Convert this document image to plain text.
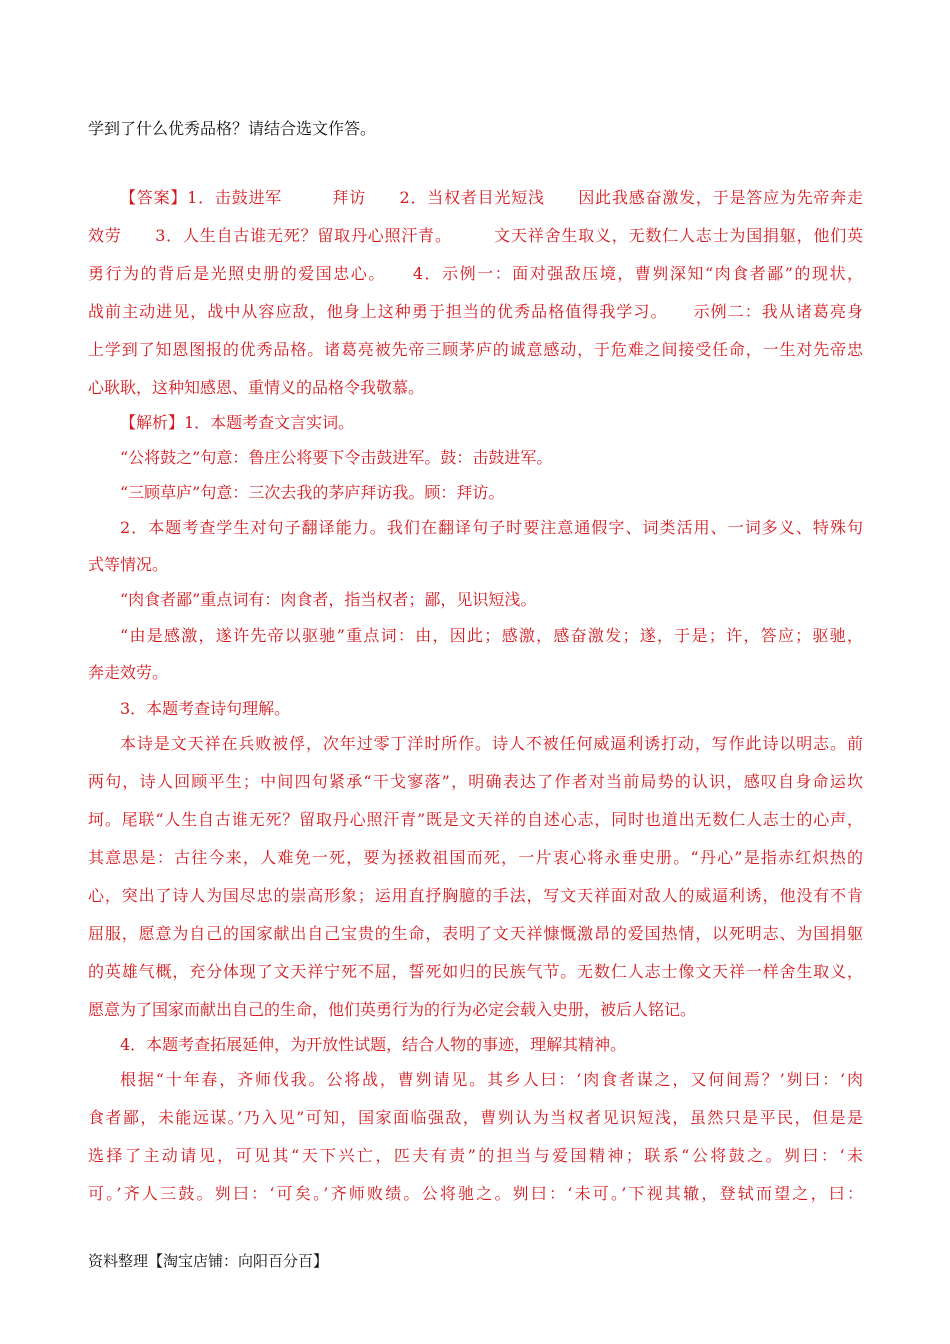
学到了什么优秀品格？请结合选文作答。
【答案】1．击鼓进军　　　拜访　　2．当权者目光短浅　　因此我感奋激发，于是答应为先帝奔走
效劳　　3．人生自古谁无死？留取丹心照汗青。　　　文天祥舍生取义，无数仁人志士为国捐躯，他们英
勇行为的背后是光照史册的爱国忠心。　　4．示例一：面对强敌压境，曹刿深知“肉食者鄙”的现状，
战前主动进见，战中从容应敌，他身上这种勇于担当的优秀品格值得我学习。　　示例二：我从诸葛亮身
上学到了知恩图报的优秀品格。诸葛亮被先帝三顾茅庐的诚意感动，于危难之间接受任命，一生对先帝忠
心耿耿，这种知感恩、重情义的品格令我敬慕。
【解析】1．本题考查文言实词。
“公将鼓之”句意：鲁庄公将要下令击鼓进军。鼓：击鼓进军。
“三顾草庐”句意：三次去我的茅庐拜访我。顾：拜访。
2．本题考查学生对句子翻译能力。我们在翻译句子时要注意通假字、词类活用、一词多义、特殊句
式等情况。
“肉食者鄙”重点词有：肉食者，指当权者；鄙，见识短浅。
“由是感激，遂许先帝以驱驰”重点词：由，因此；感激，感奋激发；遂，于是；许，答应；驱驰，
奔走效劳。
3．本题考查诗句理解。
本诗是文天祥在兵败被俘，次年过零丁洋时所作。诗人不被任何威逼利诱打动，写作此诗以明志。前
两句，诗人回顾平生；中间四句紧承“干戈寥落”，明确表达了作者对当前局势的认识，感叹自身命运坎
坷。尾联“人生自古谁无死？留取丹心照汗青”既是文天祥的自述心志，同时也道出无数仁人志士的心声，
其意思是：古往今来，人难免一死，要为拯救祖国而死，一片衷心将永垂史册。“丹心”是指赤红炽热的
心，突出了诗人为国尽忠的崇高形象；运用直抒胸臆的手法，写文天祥面对敌人的威逼利诱，他没有不肯
屈服，愿意为自己的国家献出自己宝贵的生命，表明了文天祥慷慨激昂的爱国热情，以死明志、为国捐躯
的英雄气概，充分体现了文天祥宁死不屈，誓死如归的民族气节。无数仁人志士像文天祥一样舍生取义，
愿意为了国家而献出自己的生命，他们英勇行为的行为必定会载入史册，被后人铭记。
4．本题考查拓展延伸，为开放性试题，结合人物的事迹，理解其精神。
根据“十年春，齐师伐我。公将战，曹刿请见。其乡人曰：‘肉食者谋之，又何间焉？’刿曰：‘肉
食者鄙，未能远谋。’乃入见”可知，国家面临强敌，曹刿认为当权者见识短浅，虽然只是平民，但是是
选择了主动请见，可见其“天下兴亡，匹夫有责”的担当与爱国精神；联系“公将鼓之。刿曰：‘未
可。’齐人三鼓。刿曰：‘可矣。’齐师败绩。公将驰之。刿曰：‘未可。’下视其辙，登轼而望之，曰：
资料整理【淘宝店铺：向阳百分百】
